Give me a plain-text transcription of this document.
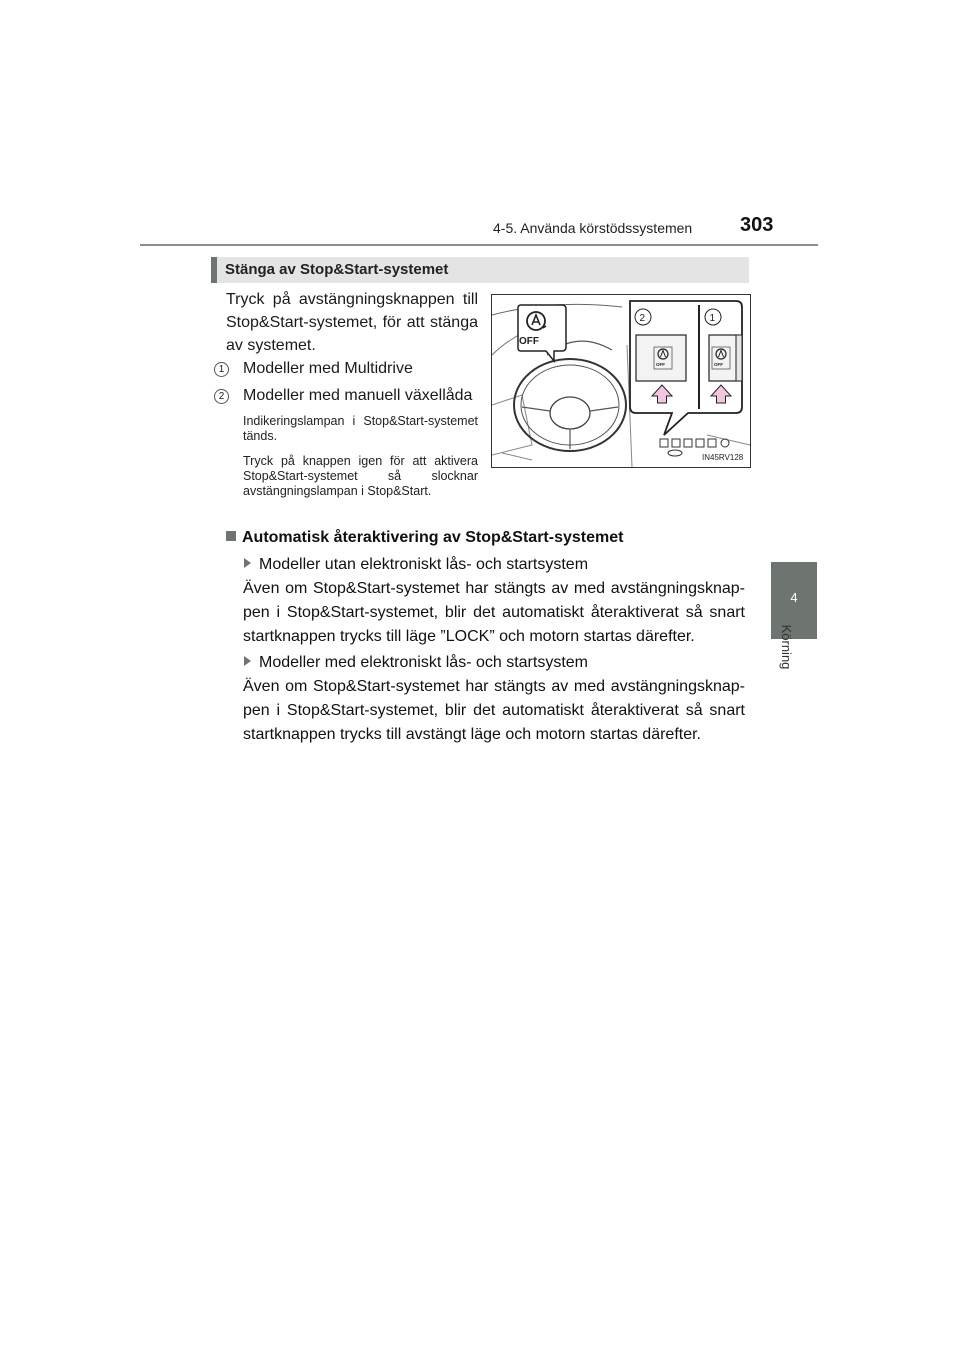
4-5. Använda körstödssystemen 303
4
Körning
Stänga av Stop&Start-systemet
Tryck på avstängningsknappen till Stop&Start-systemet, för att stänga av systemet.
1 Modeller med Multidrive
2 Modeller med manuell växellåda
Indikeringslampan i Stop&Start-systemet tänds.
Tryck på knappen igen för att aktivera Stop&Start-systemet så slocknar avstängningslampan i Stop&Start.
OFF
OFF	OFF
2	1
IN45RV128
Automatisk återaktivering av Stop&Start-systemet
Modeller utan elektroniskt lås- och startsystem
Även om Stop&Start-systemet har stängts av med avstängningsknappen i Stop&Start-systemet, blir det automatiskt återaktiverat så snart startknappen trycks till läge ”LOCK” och motorn startas därefter.
Modeller med elektroniskt lås- och startsystem
Även om Stop&Start-systemet har stängts av med avstängningsknappen i Stop&Start-systemet, blir det automatiskt återaktiverat så snart startknappen trycks till avstängt läge och motorn startas därefter.
